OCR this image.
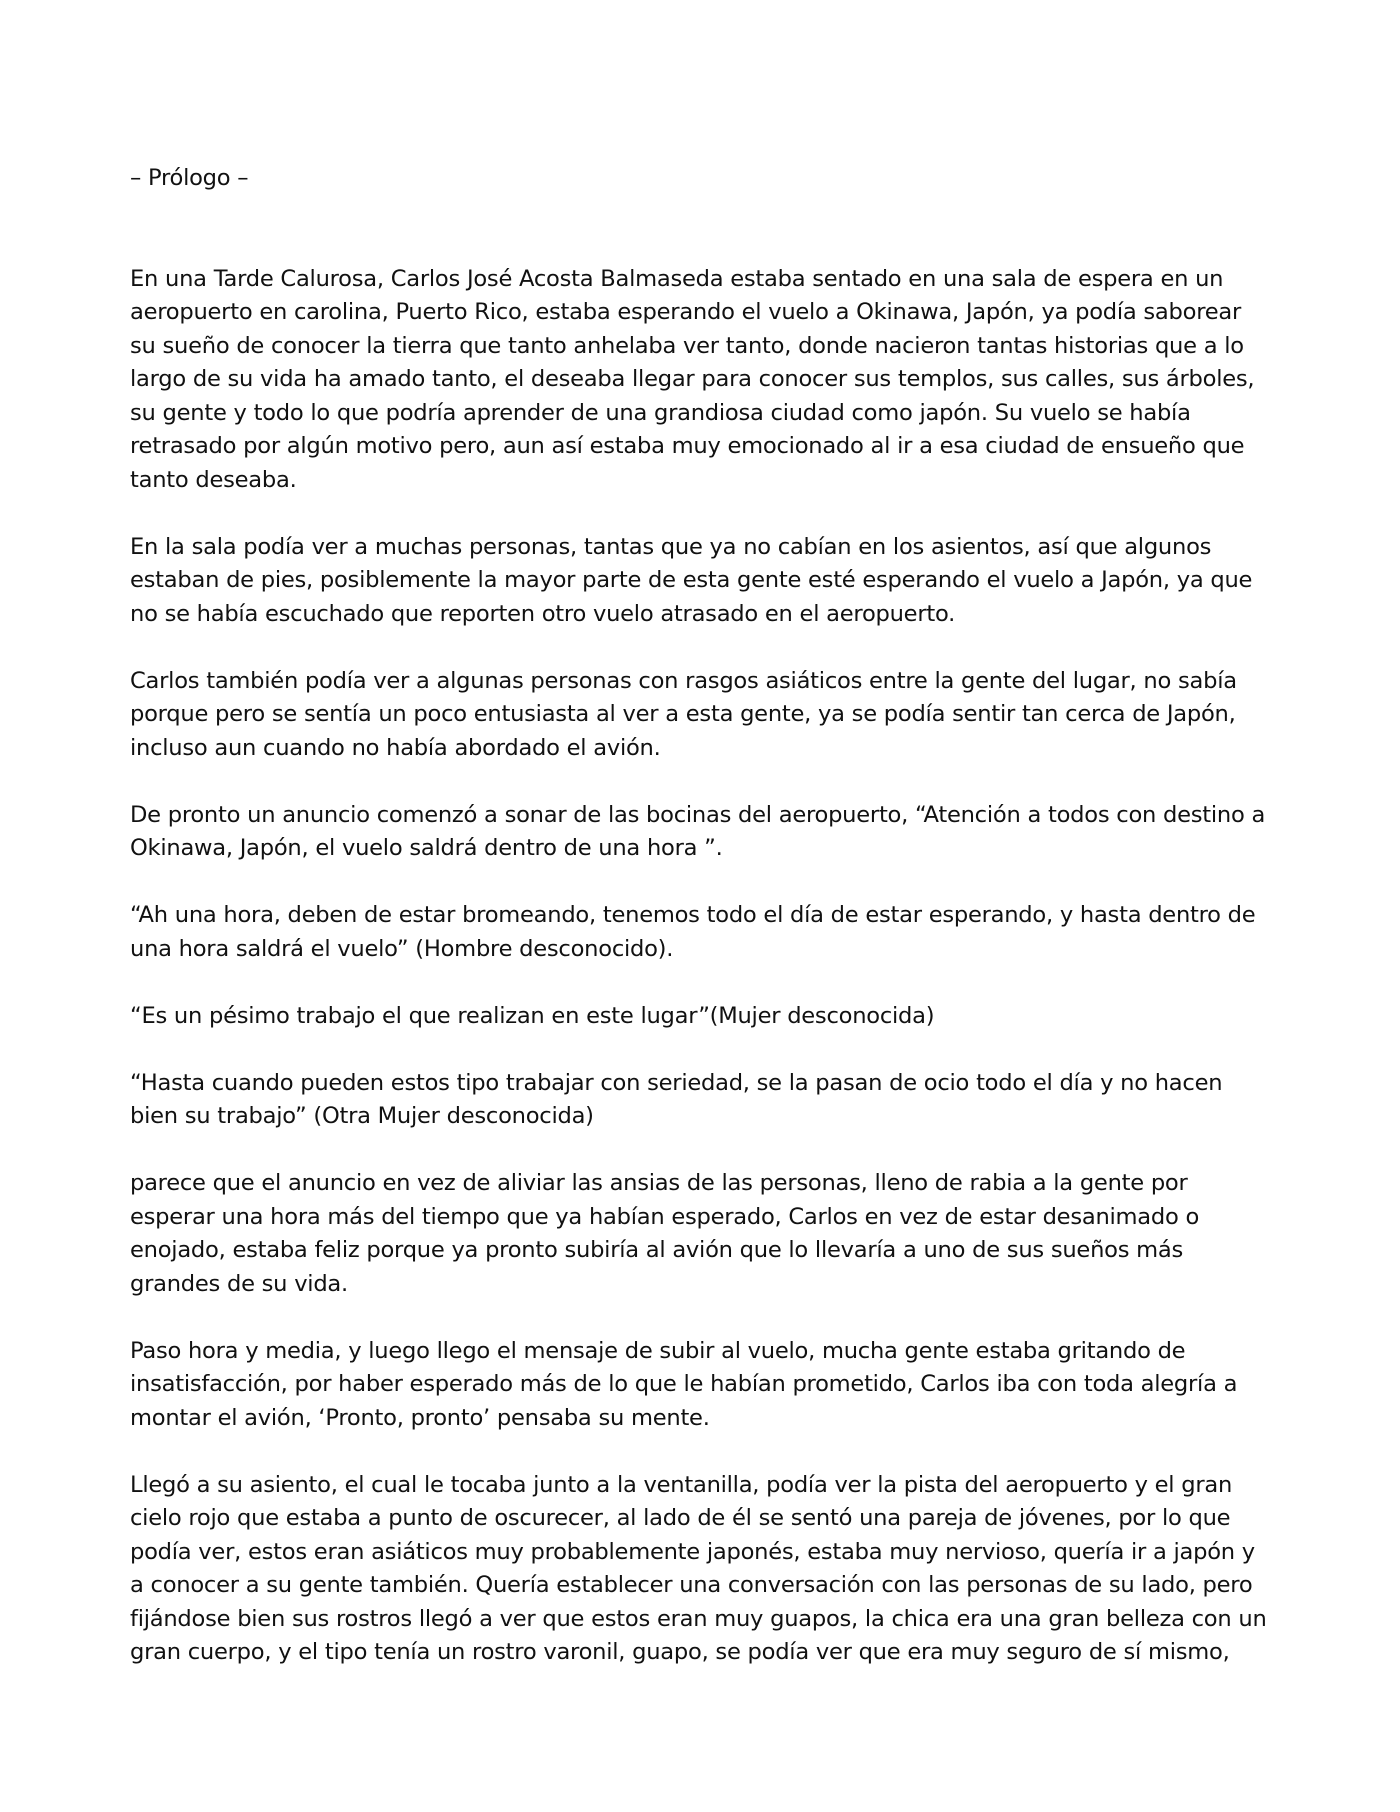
– Prólogo –

En una Tarde Calurosa, Carlos José Acosta Balmaseda estaba sentado en una sala de espera en un aeropuerto en carolina, Puerto Rico, estaba esperando el vuelo a Okinawa, Japón, ya podía saborear su sueño de conocer la tierra que tanto anhelaba ver tanto, donde nacieron tantas historias que a lo largo de su vida ha amado tanto, el deseaba llegar para conocer sus templos, sus calles, sus árboles, su gente y todo lo que podría aprender de una grandiosa ciudad como japón. Su vuelo se había retrasado por algún motivo pero, aun así estaba muy emocionado al ir a esa ciudad de ensueño que tanto deseaba.

En la sala podía ver a muchas personas, tantas que ya no cabían en los asientos, así que algunos estaban de pies, posiblemente la mayor parte de esta gente esté esperando el vuelo a Japón, ya que no se había escuchado que reporten otro vuelo atrasado en el aeropuerto.

Carlos también podía ver a algunas personas con rasgos asiáticos entre la gente del lugar, no sabía porque pero se sentía un poco entusiasta al ver a esta gente, ya se podía sentir tan cerca de Japón, incluso aun cuando no había abordado el avión.

De pronto un anuncio comenzó a sonar de las bocinas del aeropuerto, “Atención a todos con destino a Okinawa, Japón, el vuelo saldrá dentro de una hora ”.

“Ah una hora, deben de estar bromeando, tenemos todo el día de estar esperando, y hasta dentro de una hora saldrá el vuelo” (Hombre desconocido).

“Es un pésimo trabajo el que realizan en este lugar”(Mujer desconocida)

“Hasta cuando pueden estos tipo trabajar con seriedad, se la pasan de ocio todo el día y no hacen bien su trabajo” (Otra Mujer desconocida)

parece que el anuncio en vez de aliviar las ansias de las personas, lleno de rabia a la gente por esperar una hora más del tiempo que ya habían esperado, Carlos en vez de estar desanimado o enojado, estaba feliz porque ya pronto subiría al avión que lo llevaría a uno de sus sueños más grandes de su vida.

Paso hora y media, y luego llego el mensaje de subir al vuelo, mucha gente estaba gritando de insatisfacción, por haber esperado más de lo que le habían prometido, Carlos iba con toda alegría a montar el avión, ‘Pronto, pronto’ pensaba su mente.

Llegó a su asiento, el cual le tocaba junto a la ventanilla, podía ver la pista del aeropuerto y el gran cielo rojo que estaba a punto de oscurecer, al lado de él se sentó una pareja de jóvenes, por lo que podía ver, estos eran asiáticos muy probablemente japonés, estaba muy nervioso, quería ir a japón y a conocer a su gente también. Quería establecer una conversación con las personas de su lado, pero fijándose bien sus rostros llegó a ver que estos eran muy guapos, la chica era una gran belleza con un gran cuerpo, y el tipo tenía un rostro varonil, guapo, se podía ver que era muy seguro de sí mismo,
